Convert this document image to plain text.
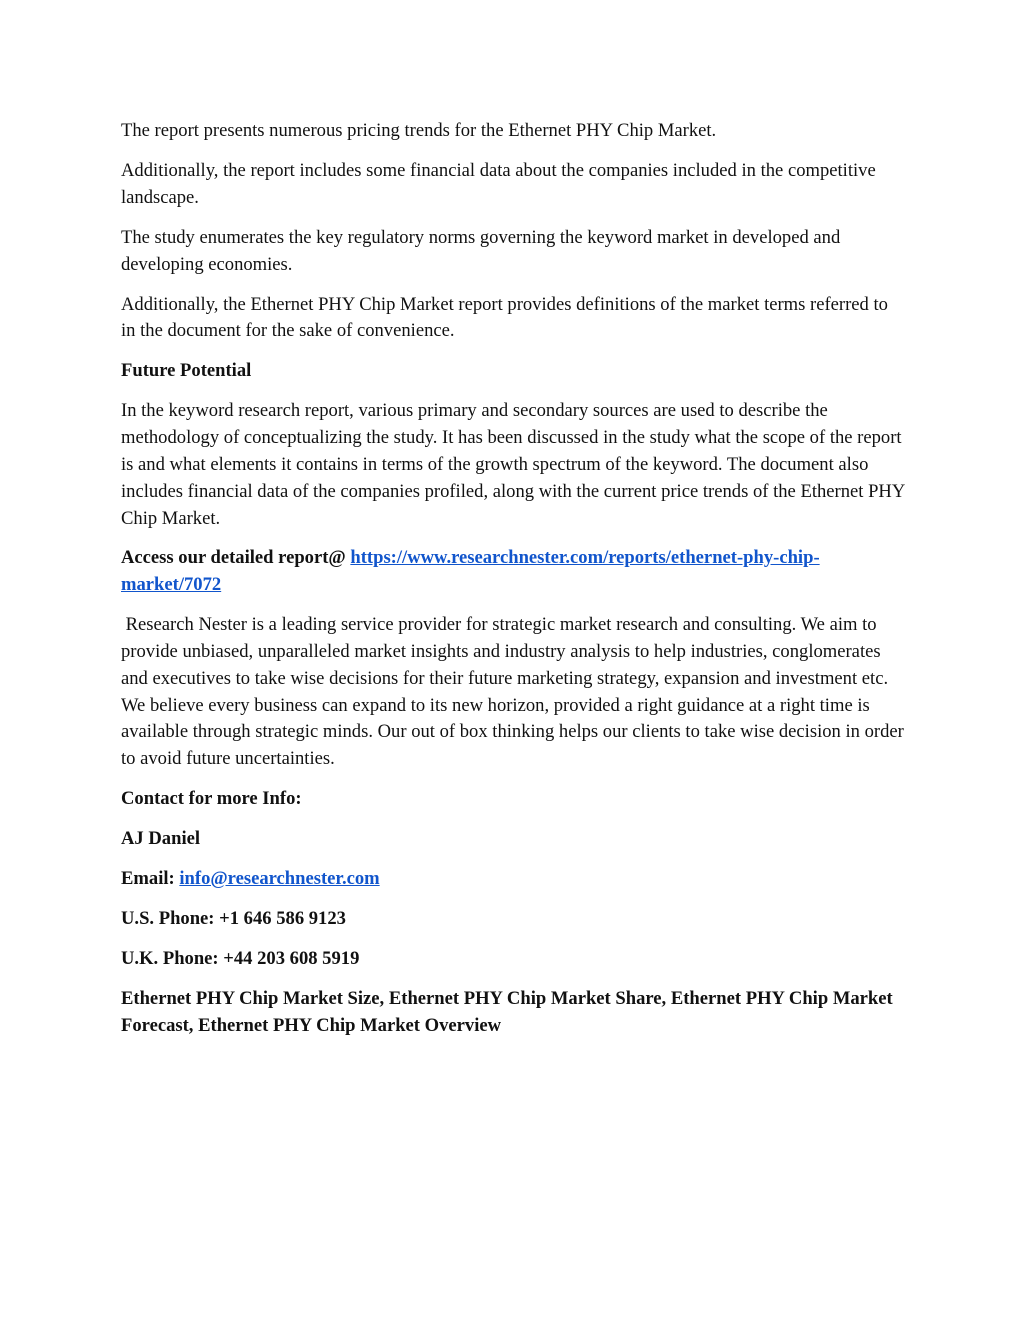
The report presents numerous pricing trends for the Ethernet PHY Chip Market.

Additionally, the report includes some financial data about the companies included in the competitive landscape.

The study enumerates the key regulatory norms governing the keyword market in developed and developing economies.

Additionally, the Ethernet PHY Chip Market report provides definitions of the market terms referred to in the document for the sake of convenience.

Future Potential

In the keyword research report, various primary and secondary sources are used to describe the methodology of conceptualizing the study. It has been discussed in the study what the scope of the report is and what elements it contains in terms of the growth spectrum of the keyword. The document also includes financial data of the companies profiled, along with the current price trends of the Ethernet PHY Chip Market.

Access our detailed report@ https://www.researchnester.com/reports/ethernet-phy-chip-market/7072

Research Nester is a leading service provider for strategic market research and consulting. We aim to provide unbiased, unparalleled market insights and industry analysis to help industries, conglomerates and executives to take wise decisions for their future marketing strategy, expansion and investment etc. We believe every business can expand to its new horizon, provided a right guidance at a right time is available through strategic minds. Our out of box thinking helps our clients to take wise decision in order to avoid future uncertainties.

Contact for more Info:

AJ Daniel

Email: info@researchnester.com

U.S. Phone: +1 646 586 9123

U.K. Phone: +44 203 608 5919

Ethernet PHY Chip Market Size, Ethernet PHY Chip Market Share, Ethernet PHY Chip Market Forecast, Ethernet PHY Chip Market Overview
